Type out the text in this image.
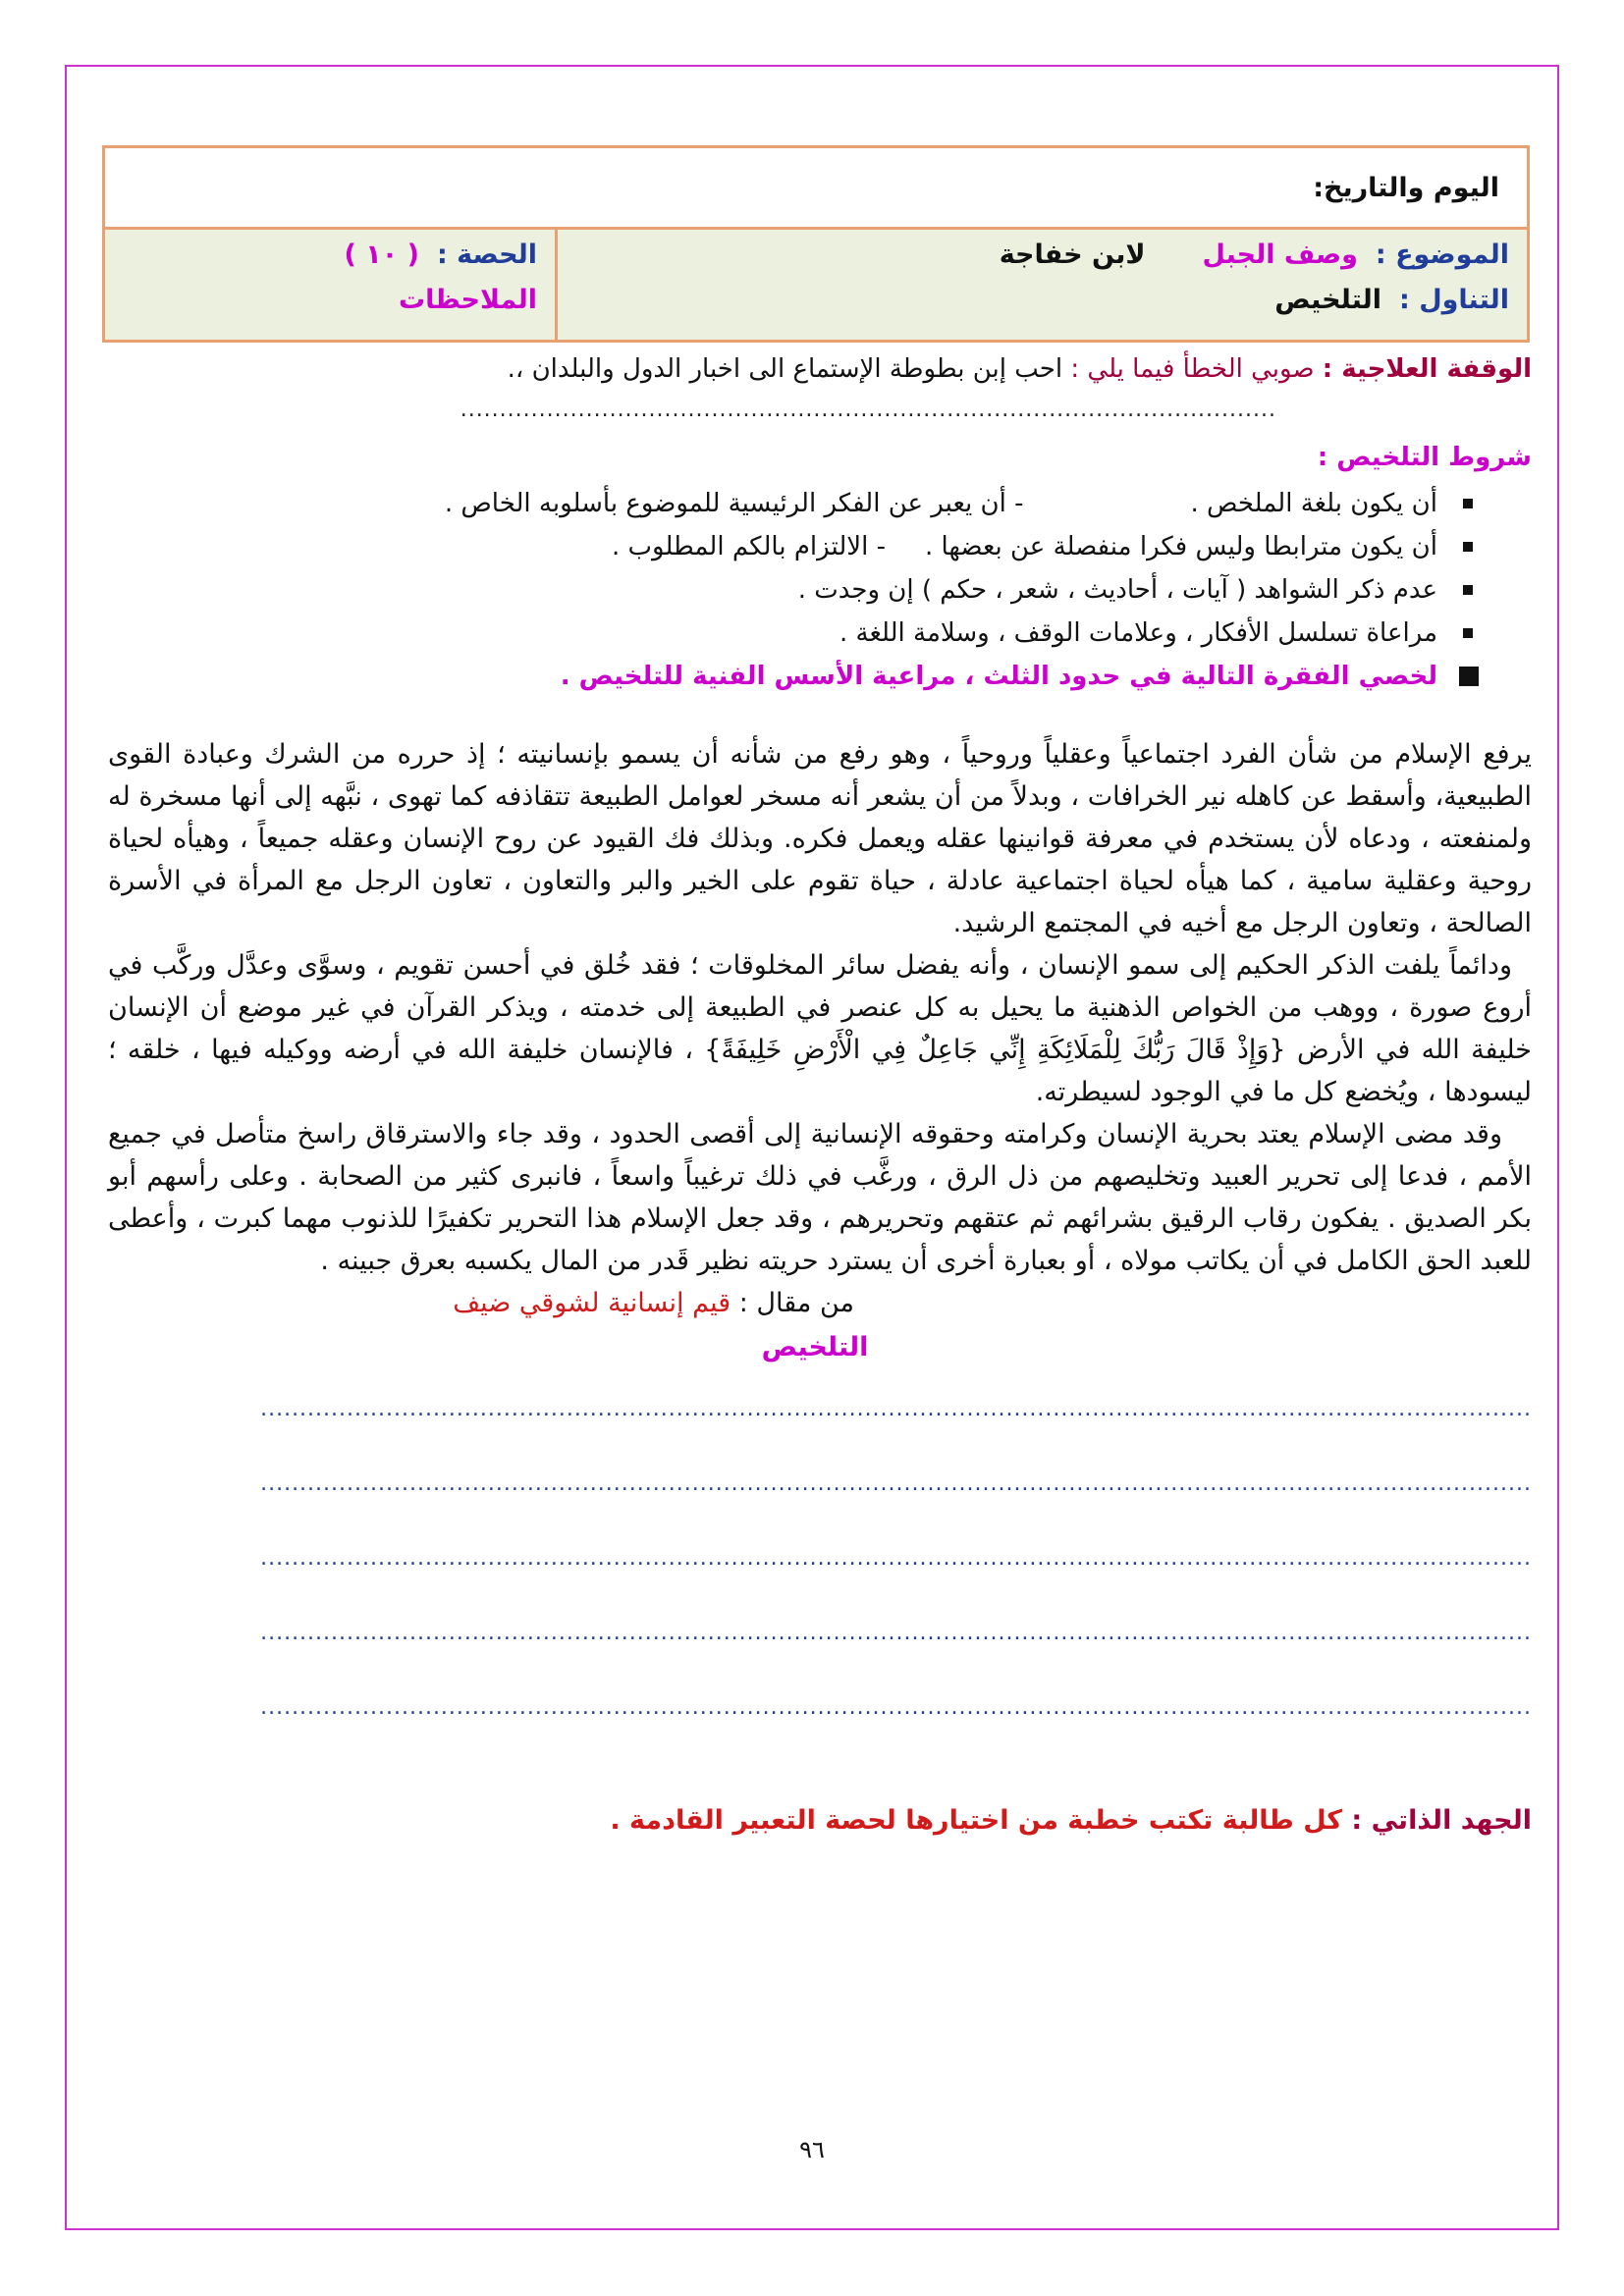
اليوم والتاريخ:
الموضوع :
وصف الجبل
لابن خفاجة
التناول :
التلخيص
الحصة :
( ١٠ )
الملاحظات

الوقفة العلاجية : صوبي الخطأ فيما يلي : احب إبن بطوطة الإستماع الى اخبار الدول والبلدان ،.

........................................................................................................

شروط التلخيص :

أن يكون بلغة الملخص .- أن يعبر عن الفكر الرئيسية للموضوع بأسلوبه الخاص .
أن يكون مترابطا وليس فكرا منفصلة عن بعضها .- الالتزام بالكم المطلوب .
عدم ذكر الشواهد ( آيات ، أحاديث ، شعر ، حكم ) إن وجدت .
مراعاة تسلسل الأفكار ، وعلامات الوقف ، وسلامة اللغة .
لخصي الفقرة التالية في حدود الثلث ، مراعية الأسس الفنية للتلخيص .

يرفع الإسلام من شأن الفرد اجتماعياً وعقلياً وروحياً ، وهو رفع من شأنه أن يسمو بإنسانيته ؛ إذ حرره من الشرك وعبادة القوى الطبيعية، وأسقط عن كاهله نير الخرافات ، وبدلاً من أن يشعر أنه مسخر لعوامل الطبيعة تتقاذفه كما تهوى ، نبَّهه إلى أنها مسخرة له ولمنفعته ، ودعاه لأن يستخدم في معرفة قوانينها عقله ويعمل فكره. وبذلك فك القيود عن روح الإنسان وعقله جميعاً ، وهيأه لحياة روحية وعقلية سامية ، كما هيأه لحياة اجتماعية عادلة ، حياة تقوم على الخير والبر والتعاون ، تعاون الرجل مع المرأة في الأسرة الصالحة ، وتعاون الرجل مع أخيه في المجتمع الرشيد.

ودائماً يلفت الذكر الحكيم إلى سمو الإنسان ، وأنه يفضل سائر المخلوقات ؛ فقد خُلق في أحسن تقويم ، وسوَّى وعدَّل وركَّب في أروع صورة ، ووهب من الخواص الذهنية ما يحيل به كل عنصر في الطبيعة إلى خدمته ، ويذكر القرآن في غير موضع أن الإنسان خليفة الله في الأرض {وَإِذْ قَالَ رَبُّكَ لِلْمَلَائِكَةِ إِنِّي جَاعِلٌ فِي الْأَرْضِ خَلِيفَةً} ، فالإنسان خليفة الله في أرضه ووكيله فيها ، خلقه ؛ ليسودها ، ويُخضع كل ما في الوجود لسيطرته.

وقد مضى الإسلام يعتد بحرية الإنسان وكرامته وحقوقه الإنسانية إلى أقصى الحدود ، وقد جاء والاسترقاق راسخ متأصل في جميع الأمم ، فدعا إلى تحرير العبيد وتخليصهم من ذل الرق ، ورغَّب في ذلك ترغيباً واسعاً ، فانبرى كثير من الصحابة . وعلى رأسهم أبو بكر الصديق . يفكون رقاب الرقيق بشرائهم ثم عتقهم وتحريرهم ، وقد جعل الإسلام هذا التحرير تكفيرًا للذنوب مهما كبرت ، وأعطى للعبد الحق الكامل في أن يكاتب مولاه ، أو بعبارة أخرى أن يسترد حريته نظير قَدر من المال يكسبه بعرق جبينه .

من مقال : قيم إنسانية لشوقي ضيف

التلخيص
..................................................................................................................................................................
..................................................................................................................................................................
..................................................................................................................................................................
..................................................................................................................................................................
..................................................................................................................................................................

الجهد الذاتي : كل طالبة تكتب خطبة من اختيارها لحصة التعبير القادمة .

٩٦
